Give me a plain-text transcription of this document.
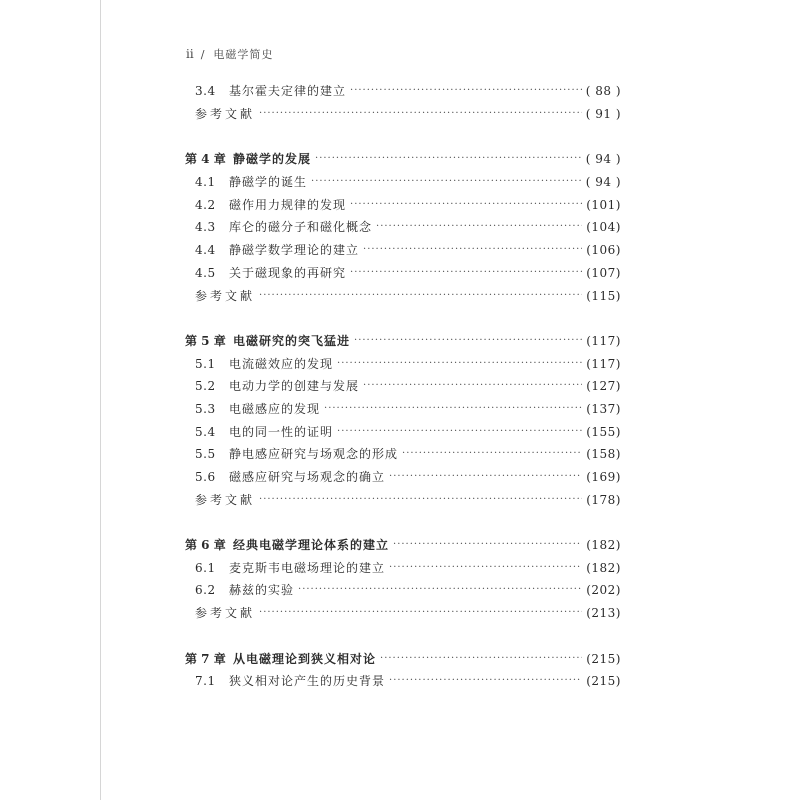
ⅱ / 电磁学简史
3.4	基尔霍夫定律的建立 ·····	( 88 )
参考文献 ·····	( 91 )
第 4 章 静磁学的发展 ·····	( 94 )
4.1	静磁学的诞生 ·····	( 94 )
4.2	磁作用力规律的发现 ·····	(101)
4.3	库仑的磁分子和磁化概念 ·····	(104)
4.4	静磁学数学理论的建立 ·····	(106)
4.5	关于磁现象的再研究 ·····	(107)
参考文献 ·····	(115)
第 5 章 电磁研究的突飞猛进 ·····	(117)
5.1	电流磁效应的发现 ·····	(117)
5.2	电动力学的创建与发展 ·····	(127)
5.3	电磁感应的发现 ·····	(137)
5.4	电的同一性的证明 ·····	(155)
5.5	静电感应研究与场观念的形成 ·····	(158)
5.6	磁感应研究与场观念的确立 ·····	(169)
参考文献 ·····	(178)
第 6 章 经典电磁学理论体系的建立 ·····	(182)
6.1	麦克斯韦电磁场理论的建立 ·····	(182)
6.2	赫兹的实验 ·····	(202)
参考文献 ·····	(213)
第 7 章 从电磁理论到狭义相对论 ·····	(215)
7.1	狭义相对论产生的历史背景 ·····	(215)
